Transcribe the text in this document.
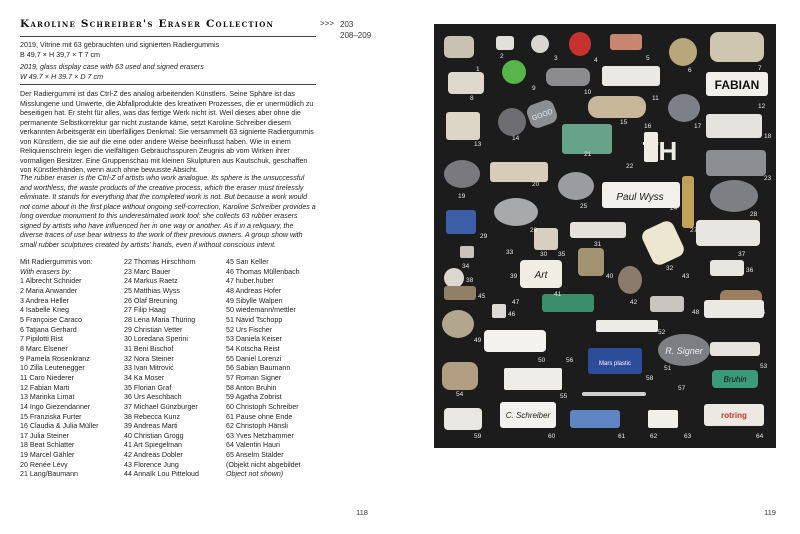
Karoline Schreiber's Eraser Collection	>>> 203
208–209
2019, Vitrine mit 63 gebrauchten und signierten Radiergummis
B 49,7 × H 39,7 × T 7 cm
2019, glass display case with 63 used and signed erasers
W 49.7 × H 39.7 × D 7 cm
Der Radiergummi ist das Ctrl-Z des analog arbeitenden Künstlers. Seine Sphäre ist das Misslungene und Unwerte, die Abfallprodukte des kreativen Prozesses, die er unermüdlich zu beseitigen hat. Er steht für alles, was das fertige Werk nicht ist. Weil dieses aber ohne die permanente Selbstkorrektur gar nicht zustande käme, setzt Karoline Schreiber diesem verkannten Arbeitsgerät ein überfälliges Denkmal: Sie versammelt 63 signierte Radiergummis von Künstlern, die sie auf die eine oder andere Weise beeinflusst haben. Wie in einem Reliquienschrein legen die vielfältigen Gebrauchsspuren Zeugnis ab vom Wirken ihrer vormaligen Besitzer. Eine Gruppenschau mit kleinen Skulpturen aus Kautschuk, geschaffen von Künstlerhänden, wenn auch ohne bewusste Absicht.
The rubber eraser is the Ctrl-Z of artists who work analogue. Its sphere is the unsuccessful and worthless, the waste products of the creative process, which the eraser must tirelessly eliminate. It stands for everything that the completed work is not. But because a work would not come about in the first place without ongoing self-correction, Karoline Schreiber provides a long overdue monument to this underestimated work tool: she collects 63 rubber erasers signed by artists who have influenced her in one way or another. As if in a reliquary, the diverse traces of use bear witness to the work of their previous owners. A group show with small rubber sculptures created by artists' hands, even if without conscious intent.
Mit Radiergummis von:
With erasers by:
1 Albrecht Schnider
2 Maria Anwander
3 Andrea Heller
4 Isabelle Krieg
5 Françoise Caraco
6 Tatjana Gerhard
7 Pipilotti Rist
8 Marc Elsener
9 Pamela Rosenkranz
10 Zilla Leutenegger
11 Caro Niederer
12 Fabian Marti
13 Marinka Limat
14 Ingo Giezendanner
15 Franziska Furter
16 Claudia & Julia Müller
17 Julia Steiner
18 Beat Schlatter
19 Marcel Gähler
20 Renée Lévy
21 Lang/Baumann
22 Thomas Hirschhorn
23 Marc Bauer
24 Markus Raetz
25 Matthias Wyss
26 Olaf Breuning
27 Filip Haag
28 Lena Maria Thüring
29 Christian Vetter
30 Loredana Sperini
31 Beni Bischof
32 Nora Steiner
33 Ivan Mitrović
34 Ka Moser
35 Florian Graf
36 Urs Aeschbach
37 Michael Günzburger
38 Rebecca Kunz
39 Andreas Marti
40 Christian Grogg
41 Art Spiegelman
42 Andreas Dobler
43 Florence Jung
44 Annaïk Lou Pitteloud
45 San Keller
46 Thomas Müllenbach
47 huber.huber
48 Andreas Hofer
49 Sibylle Walpen
50 wiedemann/mettler
51 Navid Tschopp
52 Urs Fischer
53 Daniela Keiser
54 Kotscha Reist
55 Daniel Lorenzi
56 Sabian Baumann
57 Roman Signer
58 Anton Bruhin
59 Agatha Zobrist
60 Christoph Schreiber
61 Pause ohne Ende
62 Christoph Hänsli
63 Yves Netzhammer
64 Valentin Hauri
65 Anselm Stalder
(Objekt nicht abgebildet
Object not shown)
118
FABIAN
GOOD
TH
Paul Wyss
Art
Mars plastic
R. Signer
Bruhin
C. Schreiber	rotring
1
2	3	4	5
6	7
8
9
10
11
12
13
14
15
16	17
18
19
20
21
22
23
24
25
26	27
28
29
30
31
32
33
34
35
36
37
38
39	40
41
42
43
44
45
46
47
48
49
50
51
52
53
54	55
56
57
58
59	60	61	62	63	64
119
